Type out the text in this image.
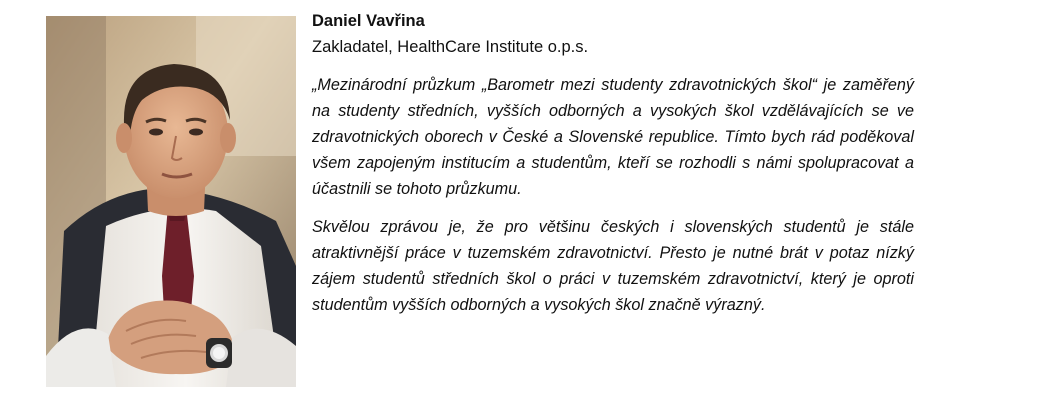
Daniel Vavřina

Zakladatel, HealthCare Institute o.p.s.

„Mezinárodní průzkum „Barometr mezi studenty zdravotnických škol“ je zaměřený na studenty středních, vyšších odborných a vysokých škol vzdělávajících se ve zdravotnických oborech v České a Slovenské republice. Tímto bych rád poděkoval všem zapojeným institucím a studentům, kteří se rozhodli s námi spolupracovat a účastnili se tohoto průzkumu.

Skvělou zprávou je, že pro většinu českých i slovenských studentů je stále atraktivnější práce v tuzemském zdravotnictví. Přesto je nutné brát v potaz nízký zájem studentů středních škol o práci v tuzemském zdravotnictví, který je oproti studentům vyšších odborných a vysokých škol značně výrazný.
